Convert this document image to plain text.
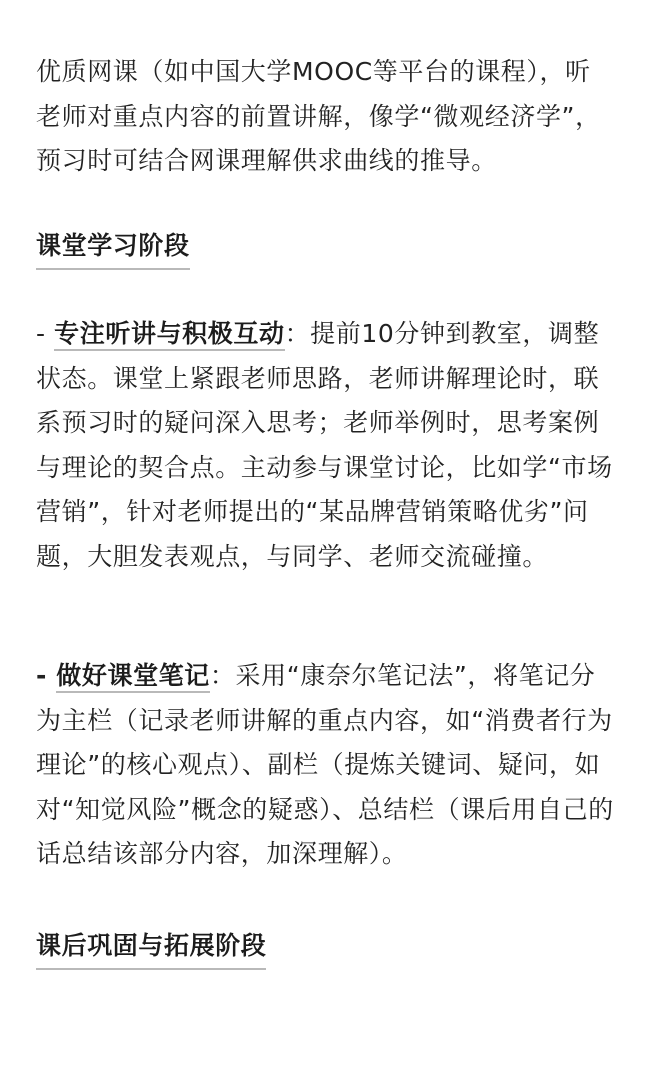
优质网课（如中国大学MOOC等平台的课程），听老师对重点内容的前置讲解，像学“微观经济学”，预习时可结合网课理解供求曲线的推导。

课堂学习阶段

- 专注听讲与积极互动：提前10分钟到教室，调整状态。课堂上紧跟老师思路，老师讲解理论时，联系预习时的疑问深入思考；老师举例时，思考案例与理论的契合点。主动参与课堂讨论，比如学“市场营销”，针对老师提出的“某品牌营销策略优劣”问题，大胆发表观点，与同学、老师交流碰撞。

- 做好课堂笔记：采用“康奈尔笔记法”，将笔记分为主栏（记录老师讲解的重点内容，如“消费者行为理论”的核心观点）、副栏（提炼关键词、疑问，如对“知觉风险”概念的疑惑）、总结栏（课后用自己的话总结该部分内容，加深理解）。

课后巩固与拓展阶段
